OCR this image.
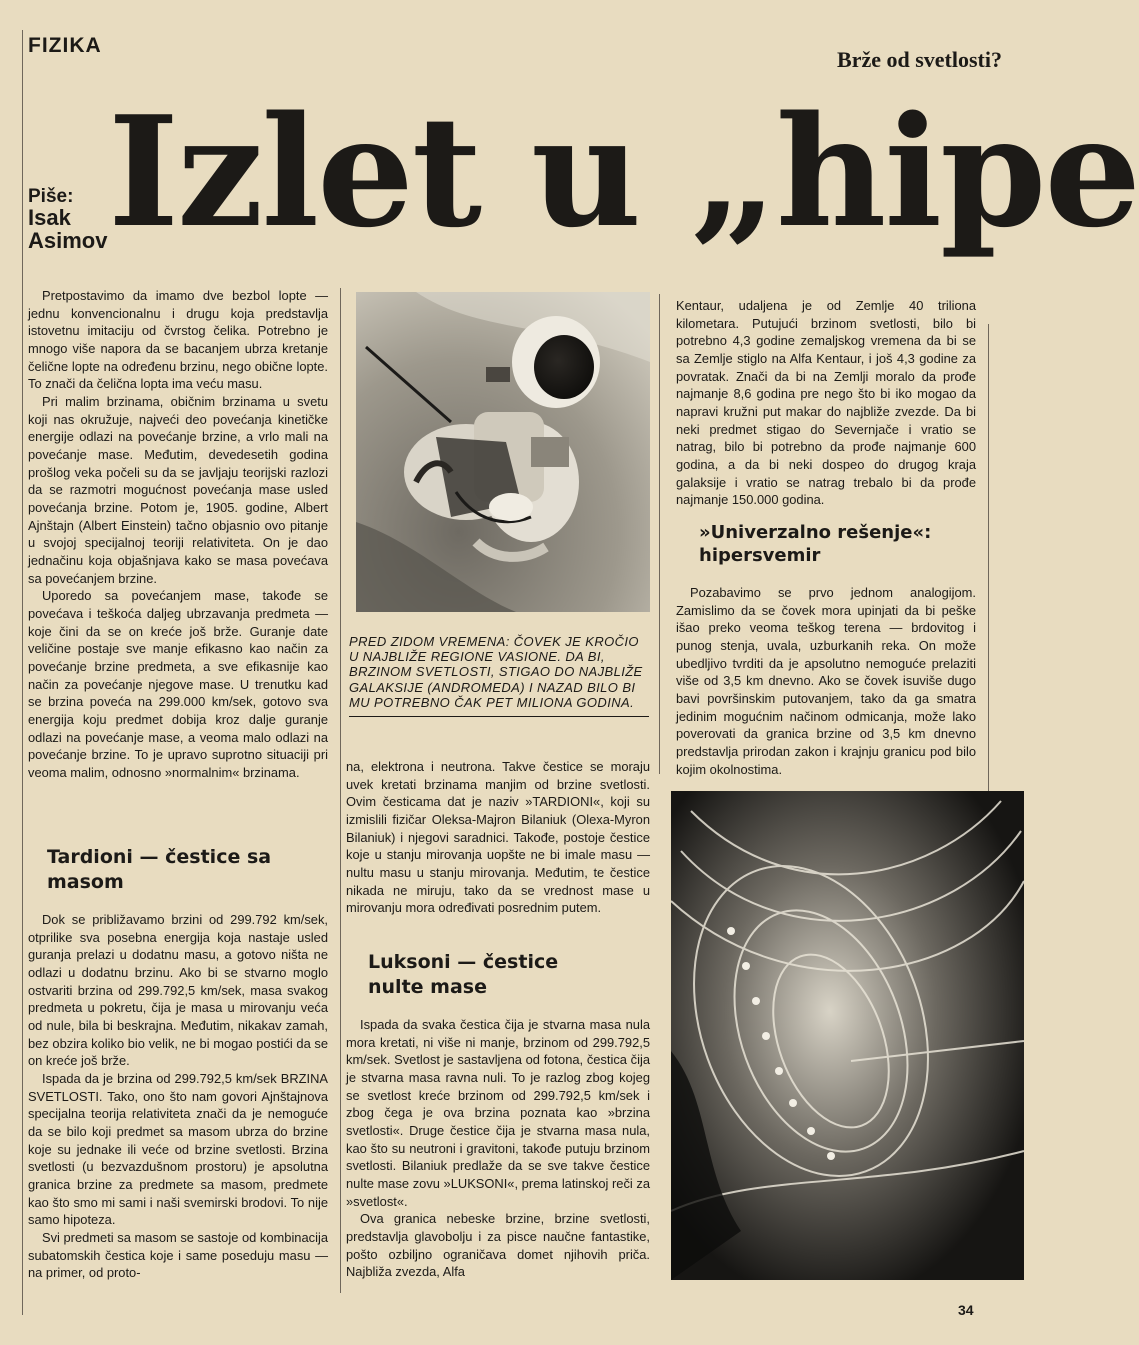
FIZIKA
Brže od svetlosti?
Izlet u „hipe
Piše:
Isak
Asimov

Pretpostavimo da imamo dve bezbol lopte — jednu konvencionalnu i drugu koja predstavlja istovetnu imitaciju od čvrstog čelika. Potrebno je mnogo više napora da se bacanjem ubrza kretanje čelične lopte na određenu brzinu, nego obične lopte. To znači da čelična lopta ima veću masu.

Pri malim brzinama, običnim brzinama u svetu koji nas okružuje, najveći deo povećanja kinetičke energije odlazi na povećanje brzine, a vrlo mali na povećanje mase. Međutim, devedesetih godina prošlog veka počeli su da se javljaju teorijski razlozi da se razmotri mogućnost povećanja mase usled povećanja brzine. Potom je, 1905. godine, Albert Ajnštajn (Albert Einstein) tačno objasnio ovo pitanje u svojoj specijalnoj teoriji relativiteta. On je dao jednačinu koja objašnjava kako se masa povećava sa povećanjem brzine.

Uporedo sa povećanjem mase, takođe se povećava i teškoća daljeg ubrzavanja predmeta — koje čini da se on kreće još brže. Guranje date veličine postaje sve manje efikasno kao način za povećanje brzine predmeta, a sve efikasnije kao način za povećanje njegove mase. U trenutku kad se brzina poveća na 299.000 km/sek, gotovo sva energija koju predmet dobija kroz dalje guranje odlazi na povećanje mase, a veoma malo odlazi na povećanje brzine. To je upravo suprotno situaciji pri veoma malim, odnosno »normalnim« brzinama.

Tardioni — čestice sa masom

Dok se približavamo brzini od 299.792 km/sek, otprilike sva posebna energija koja nastaje usled guranja prelazi u dodatnu masu, a gotovo ništa ne odlazi u dodatnu brzinu. Ako bi se stvarno moglo ostvariti brzina od 299.792,5 km/sek, masa svakog predmeta u pokretu, čija je masa u mirovanju veća od nule, bila bi beskrajna. Međutim, nikakav zamah, bez obzira koliko bio velik, ne bi mogao postići da se on kreće još brže.

Ispada da je brzina od 299.792,5 km/sek BRZINA SVETLOSTI. Tako, ono što nam govori Ajnštajnova specijalna teorija relativiteta znači da je nemoguće da se bilo koji predmet sa masom ubrza do brzine koje su jednake ili veće od brzine svetlosti. Brzina svetlosti (u bezvazdušnom prostoru) je apsolutna granica brzine za predmete sa masom, predmete kao što smo mi sami i naši svemirski brodovi. To nije samo hipoteza.

Svi predmeti sa masom se sastoje od kombinacija subatomskih čestica koje i same poseduju masu — na primer, od proto-

PRED ZIDOM VREMENA: ČOVEK JE KROČIO U NAJBLIŽE REGIONE VASIONE. DA BI, BRZINOM SVETLOSTI, STIGAO DO NAJBLIŽE GALAKSIJE (ANDROMEDA) I NAZAD BILO BI MU POTREBNO ČAK PET MILIONA GODINA.

na, elektrona i neutrona. Takve čestice se moraju uvek kretati brzinama manjim od brzine svetlosti. Ovim česticama dat je naziv »TARDIONI«, koji su izmislili fizičar Oleksa-Majron Bilaniuk (Olexa-Myron Bilaniuk) i njegovi saradnici. Takođe, postoje čestice koje u stanju mirovanja uopšte ne bi imale masu — nultu masu u stanju mirovanja. Međutim, te čestice nikada ne miruju, tako da se vrednost mase u mirovanju mora određivati posrednim putem.

Luksoni — čestice nulte mase

Ispada da svaka čestica čija je stvarna masa nula mora kretati, ni više ni manje, brzinom od 299.792,5 km/sek. Svetlost je sastavljena od fotona, čestica čija je stvarna masa ravna nuli. To je razlog zbog kojeg se svetlost kreće brzinom od 299.792,5 km/sek i zbog čega je ova brzina poznata kao »brzina svetlosti«. Druge čestice čija je stvarna masa nula, kao što su neutroni i gravitoni, takođe putuju brzinom svetlosti. Bilaniuk predlaže da se sve takve čestice nulte mase zovu »LUKSONI«, prema latinskoj reči za »svetlost«.

Ova granica nebeske brzine, brzine svetlosti, predstavlja glavobolju i za pisce naučne fantastike, pošto ozbiljno ograničava domet njihovih priča. Najbliža zvezda, Alfa

Kentaur, udaljena je od Zemlje 40 triliona kilometara. Putujući brzinom svetlosti, bilo bi potrebno 4,3 godine zemaljskog vremena da bi se sa Zemlje stiglo na Alfa Kentaur, i još 4,3 godine za povratak. Znači da bi na Zemlji moralo da prođe najmanje 8,6 godina pre nego što bi iko mogao da napravi kružni put makar do najbliže zvezde. Da bi neki predmet stigao do Severnjače i vratio se natrag, bilo bi potrebno da prođe najmanje 600 godina, a da bi neki dospeo do drugog kraja galaksije i vratio se natrag trebalo bi da prođe najmanje 150.000 godina.

»Univerzalno rešenje«: hipersvemir

Pozabavimo se prvo jednom analogijom. Zamislimo da se čovek mora upinjati da bi peške išao preko veoma teškog terena — brdovitog i punog stenja, uvala, uzburkanih reka. On može ubedljivo tvrditi da je apsolutno nemoguće prelaziti više od 3,5 km dnevno. Ako se čovek isuviše dugo bavi površinskim putovanjem, tako da ga smatra jedinim mogućnim načinom odmicanja, može lako poverovati da granica brzine od 3,5 km dnevno predstavlja prirodan zakon i krajnju granicu pod bilo kojim okolnostima.

34
